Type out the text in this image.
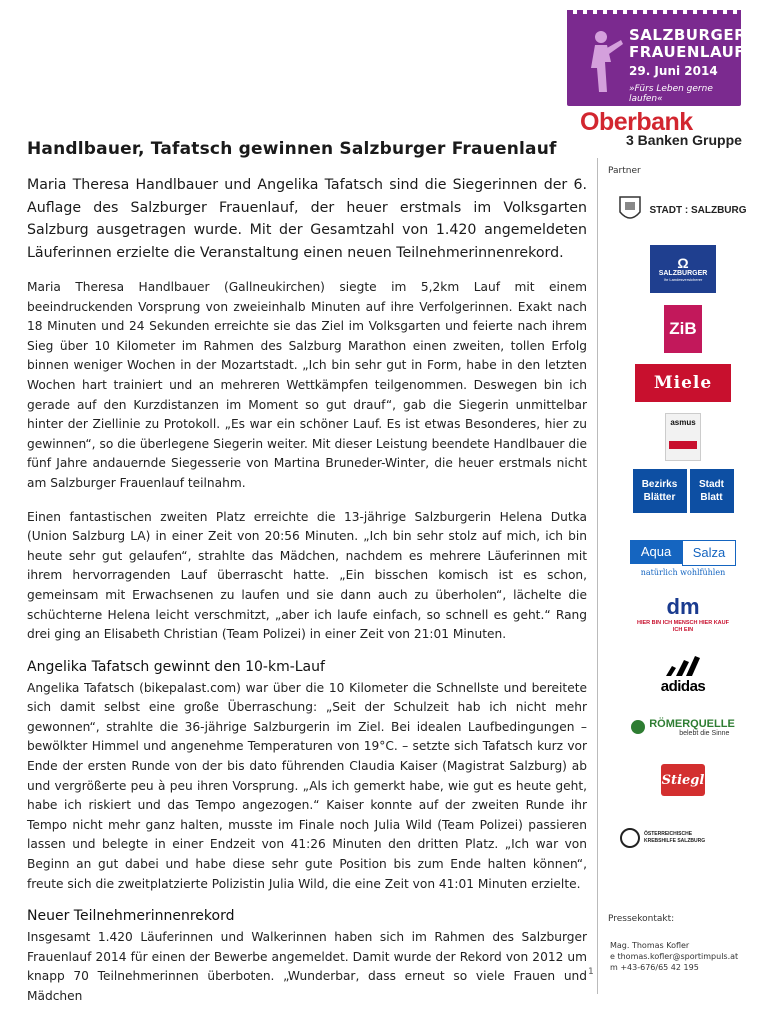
SALZBURGER
FRAUENLAUF
29. Juni 2014
»Fürs Leben gerne laufen«
Oberbank
3 Banken Gruppe
Handlbauer, Tafatsch gewinnen Salzburger Frauenlauf

Maria Theresa Handlbauer und Angelika Tafatsch sind die Siegerinnen der 6. Auflage des Salzburger Frauenlauf, der heuer erstmals im Volksgarten Salzburg ausgetragen wurde. Mit der Gesamtzahl von 1.420 angemeldeten Läuferinnen erzielte die Veranstaltung einen neuen Teilnehmerinnenrekord.

Maria Theresa Handlbauer (Gallneukirchen) siegte im 5,2km Lauf mit einem beeindruckenden Vorsprung von zweieinhalb Minuten auf ihre Verfolgerinnen. Exakt nach 18 Minuten und 24 Sekunden erreichte sie das Ziel im Volksgarten und feierte nach ihrem Sieg über 10 Kilometer im Rahmen des Salzburg Marathon einen zweiten, tollen Erfolg binnen weniger Wochen in der Mozartstadt. „Ich bin sehr gut in Form, habe in den letzten Wochen hart trainiert und an mehreren Wettkämpfen teilgenommen. Deswegen bin ich gerade auf den Kurzdistanzen im Moment so gut drauf“, gab die Siegerin unmittelbar hinter der Ziellinie zu Protokoll. „Es war ein schöner Lauf. Es ist etwas Besonderes, hier zu gewinnen“, so die überlegene Siegerin weiter. Mit dieser Leistung beendete Handlbauer die fünf Jahre andauernde Siegesserie von Martina Bruneder-Winter, die heuer erstmals nicht am Salzburger Frauenlauf teilnahm.

Einen fantastischen zweiten Platz erreichte die 13-jährige Salzburgerin Helena Dutka (Union Salzburg LA) in einer Zeit von 20:56 Minuten. „Ich bin sehr stolz auf mich, ich bin heute sehr gut gelaufen“, strahlte das Mädchen, nachdem es mehrere Läuferinnen mit ihrem hervorragenden Lauf überrascht hatte. „Ein bisschen komisch ist es schon, gemeinsam mit Erwachsenen zu laufen und sie dann auch zu überholen“, lächelte die schüchterne Helena leicht verschmitzt, „aber ich laufe einfach, so schnell es geht.“ Rang drei ging an Elisabeth Christian (Team Polizei) in einer Zeit von 21:01 Minuten.

Angelika Tafatsch gewinnt den 10-km-Lauf

Angelika Tafatsch (bikepalast.com) war über die 10 Kilometer die Schnellste und bereitete sich damit selbst eine große Überraschung: „Seit der Schulzeit hab ich nicht mehr gewonnen“, strahlte die 36-jährige Salzburgerin im Ziel. Bei idealen Laufbedingungen – bewölkter Himmel und angenehme Temperaturen von 19°C. – setzte sich Tafatsch kurz vor Ende der ersten Runde von der bis dato führenden Claudia Kaiser (Magistrat Salzburg) ab und vergrößerte peu à peu ihren Vorsprung. „Als ich gemerkt habe, wie gut es heute geht, habe ich riskiert und das Tempo angezogen.“ Kaiser konnte auf der zweiten Runde ihr Tempo nicht mehr ganz halten, musste im Finale noch Julia Wild (Team Polizei) passieren lassen und belegte in einer Endzeit von 41:26 Minuten den dritten Platz. „Ich war von Beginn an gut dabei und habe diese sehr gute Position bis zum Ende halten können“, freute sich die zweitplatzierte Polizistin Julia Wild, die eine Zeit von 41:01 Minuten erzielte.

Neuer Teilnehmerinnenrekord

Insgesamt 1.420 Läuferinnen und Walkerinnen haben sich im Rahmen des Salzburger Frauenlauf 2014 für einen der Bewerbe angemeldet. Damit wurde der Rekord von 2012 um knapp 70 Teilnehmerinnen überboten. „Wunderbar, dass erneut so viele Frauen und Mädchen

Partner
STADT : SALZBURG
Ω
SALZBURGER
Ihr Landesversicherer
ZiB
Miele
asmus
Bezirks Blätter
Stadt Blatt
Aqua	Salza
natürlich wohlfühlen
dm
HIER BIN ICH MENSCH HIER KAUF ICH EIN
adidas
RÖMERQUELLE
belebt die Sinne
Stiegl
ÖSTERREICHISCHE KREBSHILFE SALZBURG
Pressekontakt:
Mag. Thomas Kofler
e thomas.kofler@sportimpuls.at
m +43-676/65 42 195
1
